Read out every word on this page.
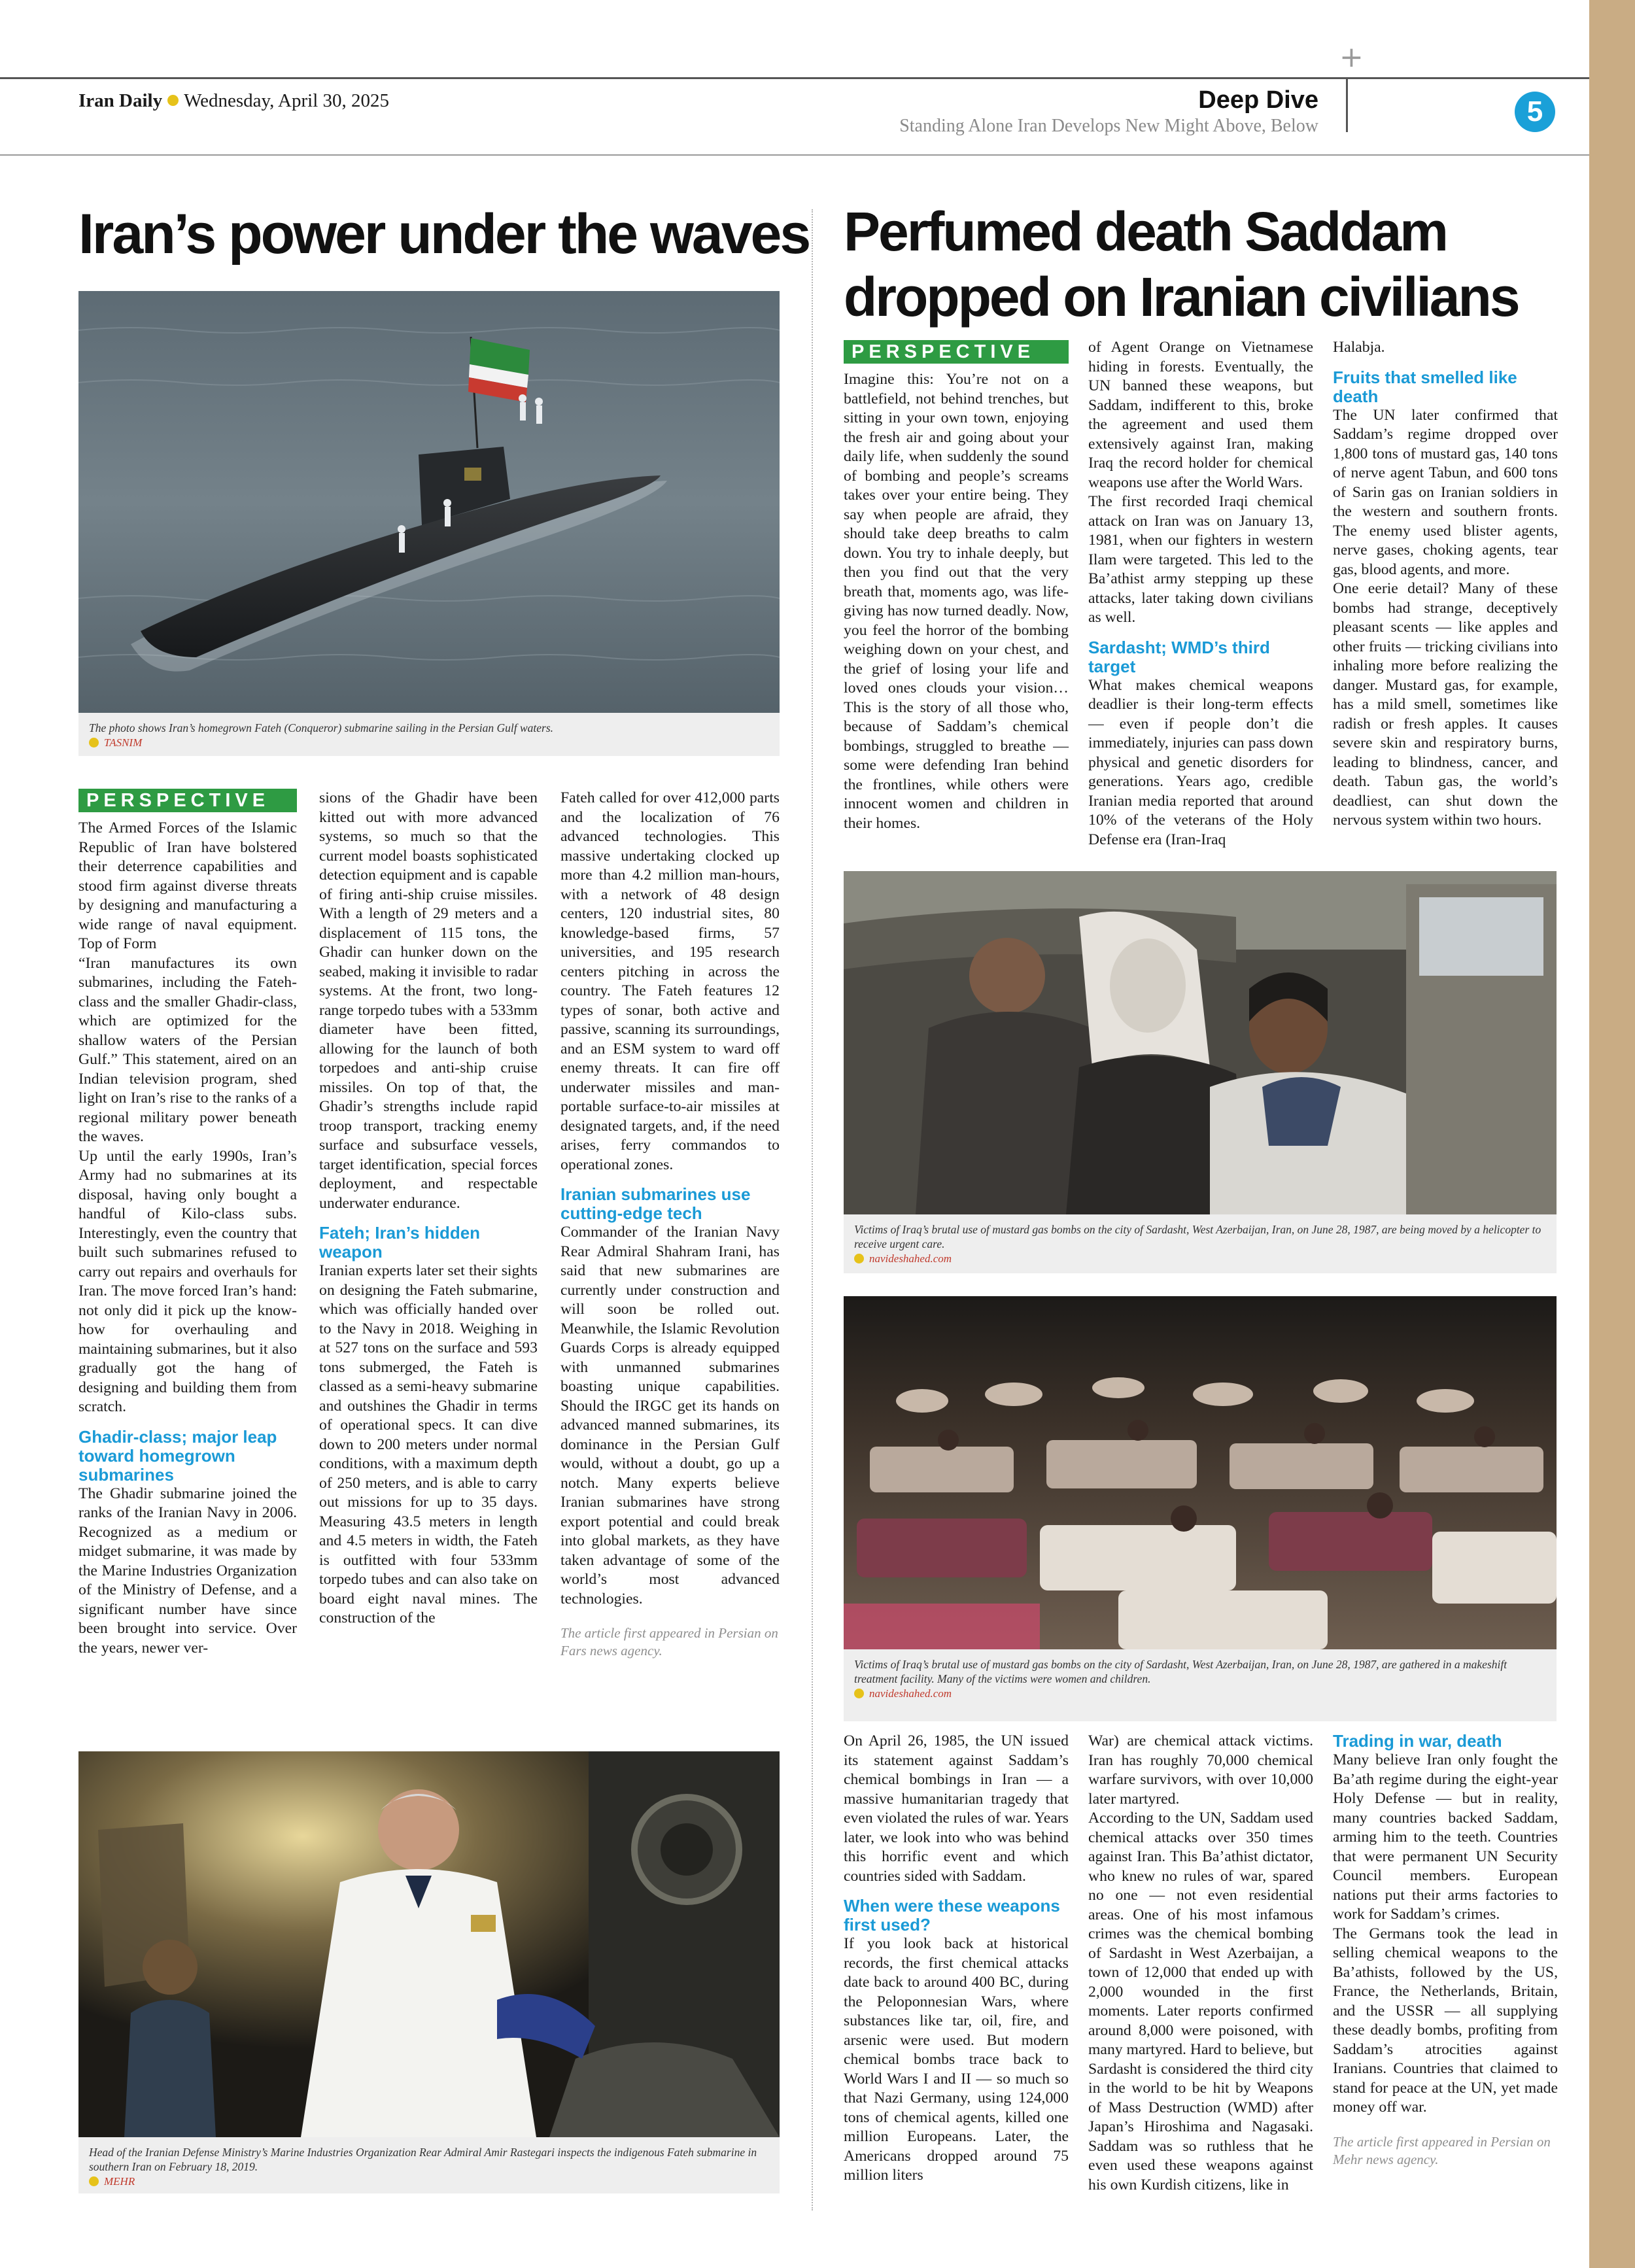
+
Iran Daily Wednesday, April 30, 2025	Deep Dive
Standing Alone Iran Develops New Might Above, Below	5
Iran’s power under the waves
The photo shows Iran’s homegrown Fateh (Conqueror) submarine sailing in the Persian Gulf waters.
TASNIM
PERSPECTIVE

The Armed Forces of the Islamic Republic of Iran have bolstered their deterrence capabilities and stood firm against diverse threats by designing and manufacturing a wide range of naval equipment. Top of Form

“Iran manufactures its own submarines, including the Fateh-class and the smaller Ghadir-class, which are optimized for the shallow waters of the Persian Gulf.” This statement, aired on an Indian television program, shed light on Iran’s rise to the ranks of a regional military power beneath the waves.

Up until the early 1990s, Iran’s Army had no submarines at its disposal, having only bought a handful of Kilo-class subs. Interestingly, even the country that built such submarines refused to carry out repairs and overhauls for Iran. The move forced Iran’s hand: not only did it pick up the know-how for overhauling and maintaining submarines, but it also gradually got the hang of designing and building them from scratch.

Ghadir-class; major leap toward homegrown submarines

The Ghadir submarine joined the ranks of the Iranian Navy in 2006. Recognized as a medium or midget submarine, it was made by the Marine Industries Organization of the Ministry of Defense, and a significant number have since been brought into service. Over the years, newer ver-

sions of the Ghadir have been kitted out with more advanced systems, so much so that the current model boasts sophisticated detection equipment and is capable of firing anti-ship cruise missiles. With a length of 29 meters and a displacement of 115 tons, the Ghadir can hunker down on the seabed, making it invisible to radar systems. At the front, two long-range torpedo tubes with a 533mm diameter have been fitted, allowing for the launch of both torpedoes and anti-ship cruise missiles. On top of that, the Ghadir’s strengths include rapid troop transport, tracking enemy surface and subsurface vessels, target identification, special forces deployment, and respectable underwater endurance.

Fateh; Iran’s hidden weapon

Iranian experts later set their sights on designing the Fateh submarine, which was officially handed over to the Navy in 2018. Weighing in at 527 tons on the surface and 593 tons submerged, the Fateh is classed as a semi-heavy submarine and outshines the Ghadir in terms of operational specs. It can dive down to 200 meters under normal conditions, with a maximum depth of 250 meters, and is able to carry out missions for up to 35 days. Measuring 43.5 meters in length and 4.5 meters in width, the Fateh is outfitted with four 533mm torpedo tubes and can also take on board eight naval mines. The construction of the

Fateh called for over 412,000 parts and the localization of 76 advanced technologies. This massive undertaking clocked up more than 4.2 million man-hours, with a network of 48 design centers, 120 industrial sites, 80 knowledge-based firms, 57 universities, and 195 research centers pitching in across the country. The Fateh features 12 types of sonar, both active and passive, scanning its surroundings, and an ESM system to ward off enemy threats. It can fire off underwater missiles and man-portable surface-to-air missiles at designated targets, and, if the need arises, ferry commandos to operational zones.

Iranian submarines use cutting-edge tech

Commander of the Iranian Navy Rear Admiral Shahram Irani, has said that new submarines are currently under construction and will soon be rolled out. Meanwhile, the Islamic Revolution Guards Corps is already equipped with unmanned submarines boasting unique capabilities. Should the IRGC get its hands on advanced manned submarines, its dominance in the Persian Gulf would, without a doubt, go up a notch. Many experts believe Iranian submarines have strong export potential and could break into global markets, as they have taken advantage of some of the world’s most advanced technologies.

The article first appeared in Persian on Fars news agency.
Head of the Iranian Defense Ministry’s Marine Industries Organization Rear Admiral Amir Rastegari inspects the indigenous Fateh submarine in southern Iran on February 18, 2019.
MEHR
Perfumed death Saddam dropped on Iranian civilians
PERSPECTIVE

Imagine this: You’re not on a battlefield, not behind trenches, but sitting in your own town, enjoying the fresh air and going about your daily life, when suddenly the sound of bombing and people’s screams takes over your entire being. They say when people are afraid, they should take deep breaths to calm down. You try to inhale deeply, but then you find out that the very breath that, moments ago, was life-giving has now turned deadly. Now, you feel the horror of the bombing weighing down on your chest, and the grief of losing your life and loved ones clouds your vision… This is the story of all those who, because of Saddam’s chemical bombings, struggled to breathe — some were defending Iran behind the frontlines, while others were innocent women and children in their homes.

of Agent Orange on Vietnamese hiding in forests. Eventually, the UN banned these weapons, but Saddam, indifferent to this, broke the agreement and used them extensively against Iran, making Iraq the record holder for chemical weapons use after the World Wars.

The first recorded Iraqi chemical attack on Iran was on January 13, 1981, when our fighters in western Ilam were targeted. This led to the Ba’athist army stepping up these attacks, later taking down civilians as well.

Sardasht; WMD’s third target

What makes chemical weapons deadlier is their long-term effects — even if people don’t die immediately, injuries can pass down physical and genetic disorders for generations. Years ago, credible Iranian media reported that around 10% of the veterans of the Holy Defense era (Iran-Iraq

Halabja.

Fruits that smelled like death

The UN later confirmed that Saddam’s regime dropped over 1,800 tons of mustard gas, 140 tons of nerve agent Tabun, and 600 tons of Sarin gas on Iranian soldiers in the western and southern fronts. The enemy used blister agents, nerve gases, choking agents, tear gas, blood agents, and more.

One eerie detail? Many of these bombs had strange, deceptively pleasant scents — like apples and other fruits — tricking civilians into inhaling more before realizing the danger. Mustard gas, for example, has a mild smell, sometimes like radish or fresh apples. It causes severe skin and respiratory burns, leading to blindness, cancer, and death. Tabun gas, the world’s deadliest, can shut down the nervous system within two hours.

Victims of Iraq’s brutal use of mustard gas bombs on the city of Sardasht, West Azerbaijan, Iran, on June 28, 1987, are being moved by a helicopter to receive urgent care.
navideshahed.com
Victims of Iraq’s brutal use of mustard gas bombs on the city of Sardasht, West Azerbaijan, Iran, on June 28, 1987, are gathered in a makeshift treatment facility. Many of the victims were women and children.
navideshahed.com

On April 26, 1985, the UN issued its statement against Saddam’s chemical bombings in Iran — a massive humanitarian tragedy that even violated the rules of war. Years later, we look into who was behind this horrific event and which countries sided with Saddam.

When were these weapons first used?

If you look back at historical records, the first chemical attacks date back to around 400 BC, during the Peloponnesian Wars, where substances like tar, oil, fire, and arsenic were used. But modern chemical bombs trace back to World Wars I and II — so much so that Nazi Germany, using 124,000 tons of chemical agents, killed one million Europeans. Later, the Americans dropped around 75 million liters

War) are chemical attack victims. Iran has roughly 70,000 chemical warfare survivors, with over 10,000 later martyred.

According to the UN, Saddam used chemical attacks over 350 times against Iran. This Ba’athist dictator, who knew no rules of war, spared no one — not even residential areas. One of his most infamous crimes was the chemical bombing of Sardasht in West Azerbaijan, a town of 12,000 that ended up with 2,000 wounded in the first moments. Later reports confirmed around 8,000 were poisoned, with many martyred. Hard to believe, but Sardasht is considered the third city in the world to be hit by Weapons of Mass Destruction (WMD) after Japan’s Hiroshima and Nagasaki. Saddam was so ruthless that he even used these weapons against his own Kurdish citizens, like in

Trading in war, death

Many believe Iran only fought the Ba’ath regime during the eight-year Holy Defense — but in reality, many countries backed Saddam, arming him to the teeth. Countries that were permanent UN Security Council members. European nations put their arms factories to work for Saddam’s crimes.

The Germans took the lead in selling chemical weapons to the Ba’athists, followed by the US, France, the Netherlands, Britain, and the USSR — all supplying these deadly bombs, profiting from Saddam’s atrocities against Iranians. Countries that claimed to stand for peace at the UN, yet made money off war.

The article first appeared in Persian on Mehr news agency.
